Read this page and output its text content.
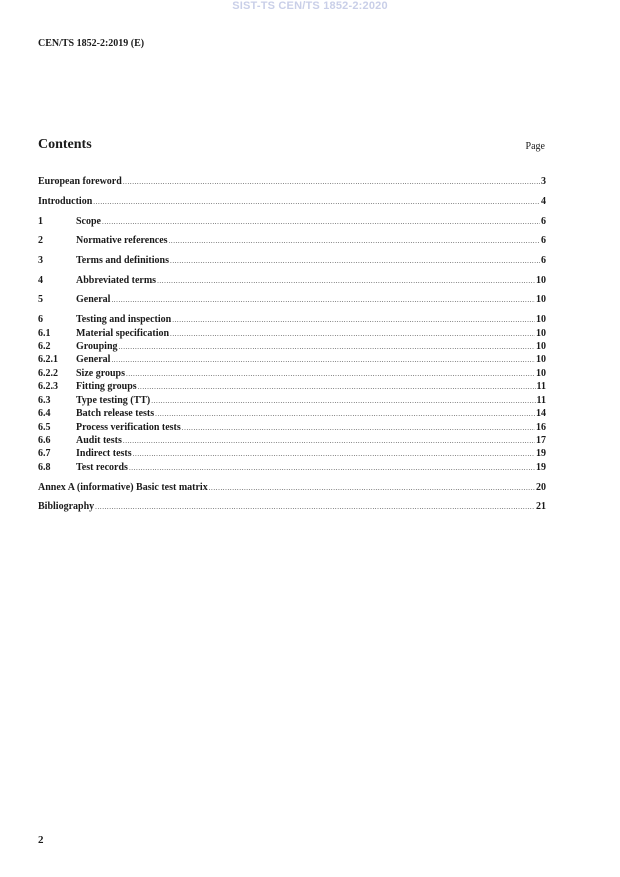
SIST-TS CEN/TS 1852-2:2020
CEN/TS 1852-2:2019 (E)
Contents	Page
European foreword .....	3
Introduction .....	4
1	Scope .....	6
2	Normative references .....	6
3	Terms and definitions .....	6
4	Abbreviated terms .....	10
5	General .....	10
6	Testing and inspection .....	10
6.1	Material specification .....	10
6.2	Grouping .....	10
6.2.1	General .....	10
6.2.2	Size groups .....	10
6.2.3	Fitting groups .....	11
6.3	Type testing (TT) .....	11
6.4	Batch release tests .....	14
6.5	Process verification tests .....	16
6.6	Audit tests .....	17
6.7	Indirect tests .....	19
6.8	Test records .....	19
Annex A (informative) Basic test matrix .....	20
Bibliography .....	21
2
